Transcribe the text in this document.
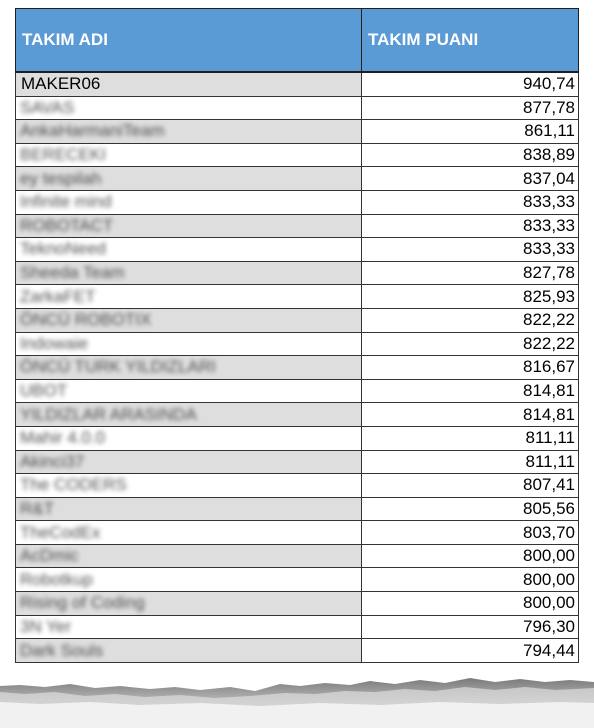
TAKIM ADI	TAKIM PUANI
MAKER06	940,74
SAVAS	877,78
AnkaHarmaniTeam	861,11
BERECEKI	838,89
ey tespilah	837,04
Infinite mind	833,33
ROBOTACT	833,33
TeknoNeed	833,33
Sheeda Team	827,78
ZarkaFET	825,93
ÖNCÜ ROBOTIX	822,22
Indowaie	822,22
ÖNCÜ TURK YILDIZLARI	816,67
UBOT	814,81
YILDIZLAR ARASINDA	814,81
Mahir 4.0.0	811,11
Akinci37	811,11
The CODERS	807,41
R&T	805,56
TheCodEx	803,70
AcDmic	800,00
Robotkup	800,00
Rising of Coding	800,00
3N Yer	796,30
Dark Souls	794,44
